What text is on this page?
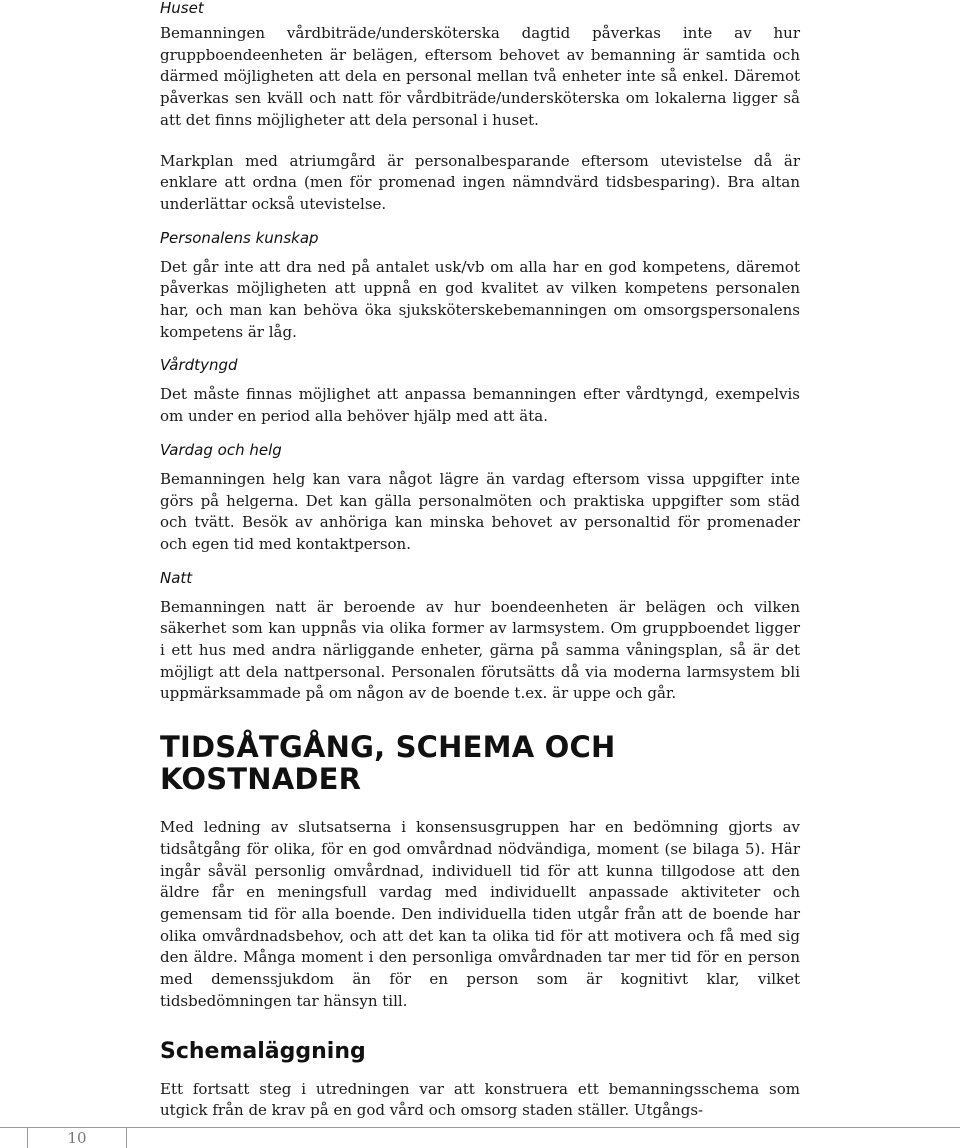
Huset

Bemanningen vårdbiträde/undersköterska dagtid påverkas inte av hur gruppboendeenheten är belägen, eftersom behovet av bemanning är samtida och därmed möjligheten att dela en personal mellan två enheter inte så enkel. Däremot påverkas sen kväll och natt för vårdbiträde/undersköterska om lokalerna ligger så att det finns möjligheter att dela personal i huset.

Markplan med atriumgård är personalbesparande eftersom utevistelse då är enklare att ordna (men för promenad ingen nämndvärd tidsbesparing). Bra altan underlättar också utevistelse.

Personalens kunskap

Det går inte att dra ned på antalet usk/vb om alla har en god kompetens, däremot påverkas möjligheten att uppnå en god kvalitet av vilken kompetens personalen har, och man kan behöva öka sjuksköterskebemanningen om omsorgspersonalens kompetens är låg.

Vårdtyngd

Det måste finnas möjlighet att anpassa bemanningen efter vårdtyngd, exempelvis om under en period alla behöver hjälp med att äta.

Vardag och helg

Bemanningen helg kan vara något lägre än vardag eftersom vissa uppgifter inte görs på helgerna. Det kan gälla personalmöten och praktiska uppgifter som städ och tvätt. Besök av anhöriga kan minska behovet av personaltid för promenader och egen tid med kontaktperson.

Natt

Bemanningen natt är beroende av hur boendeenheten är belägen och vilken säkerhet som kan uppnås via olika former av larmsystem. Om gruppboendet ligger i ett hus med andra närliggande enheter, gärna på samma våningsplan, så är det möjligt att dela nattpersonal. Personalen förutsätts då via moderna larmsystem bli uppmärksammade på om någon av de boende t.ex. är uppe och går.

TIDSÅTGÅNG, SCHEMA OCH KOSTNADER

Med ledning av slutsatserna i konsensusgruppen har en bedömning gjorts av tidsåtgång för olika, för en god omvårdnad nödvändiga, moment (se bilaga 5). Här ingår såväl personlig omvårdnad, individuell tid för att kunna tillgodose att den äldre får en meningsfull vardag med individuellt anpassade aktiviteter och gemensam tid för alla boende. Den individuella tiden utgår från att de boende har olika omvårdnadsbehov, och att det kan ta olika tid för att motivera och få med sig den äldre. Många moment i den personliga omvårdnaden tar mer tid för en person med demenssjukdom än för en person som är kognitivt klar, vilket tidsbedömningen tar hänsyn till.

Schemaläggning

Ett fortsatt steg i utredningen var att konstruera ett bemanningsschema som utgick från de krav på en god vård och omsorg staden ställer. Utgångs-

10
